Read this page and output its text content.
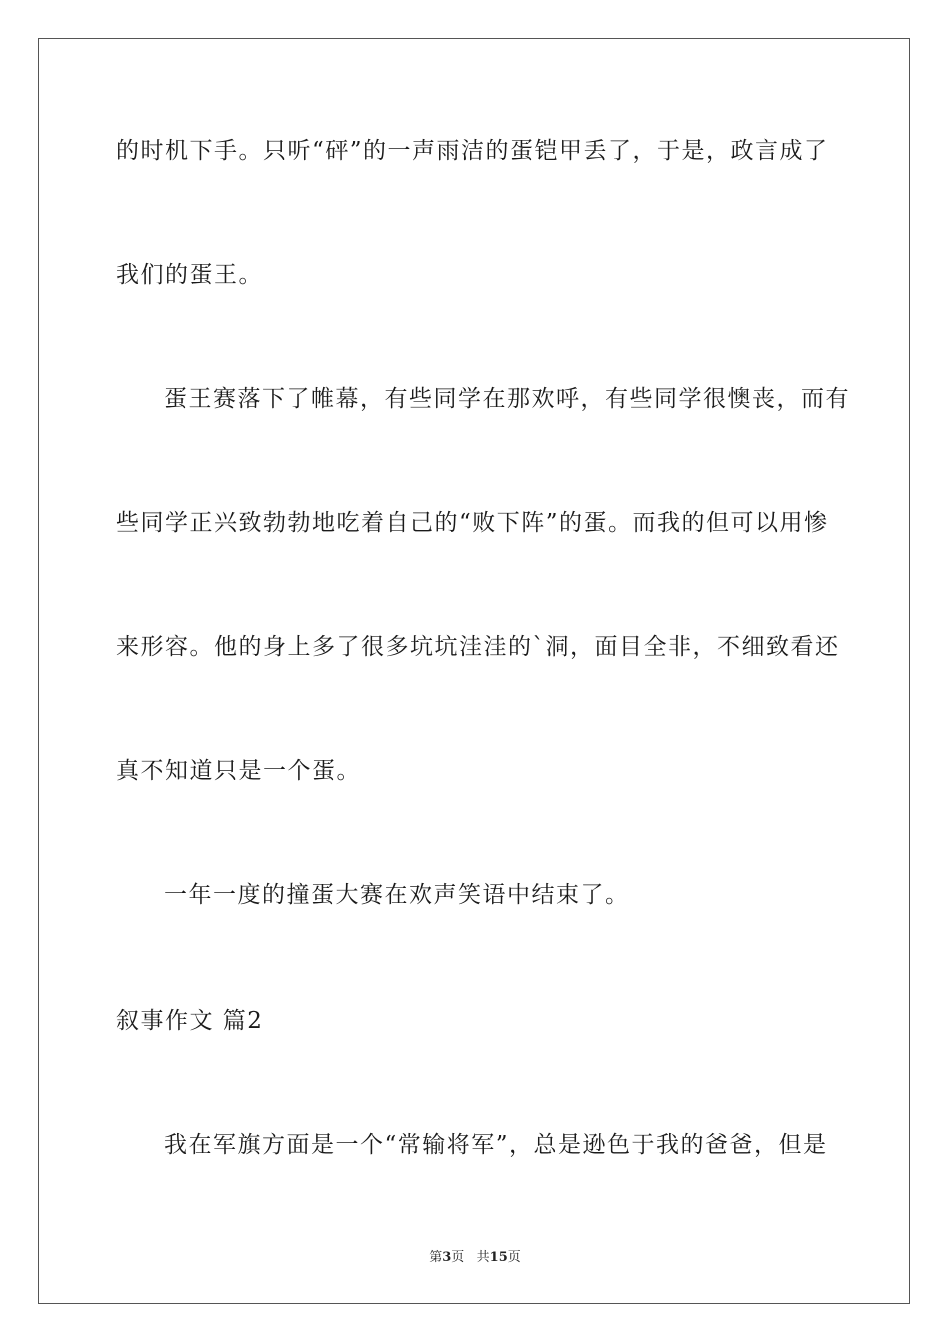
的时机下手。只听“砰”的一声雨洁的蛋铠甲丢了，于是，政言成了
我们的蛋王。
蛋王赛落下了帷幕，有些同学在那欢呼，有些同学很懊丧，而有
些同学正兴致勃勃地吃着自己的“败下阵”的蛋。而我的但可以用惨
来形容。他的身上多了很多坑坑洼洼的`洞，面目全非，不细致看还
真不知道只是一个蛋。
一年一度的撞蛋大赛在欢声笑语中结束了。
叙事作文 篇2
我在军旗方面是一个“常输将军”，总是逊色于我的爸爸，但是
第3页   共15页
